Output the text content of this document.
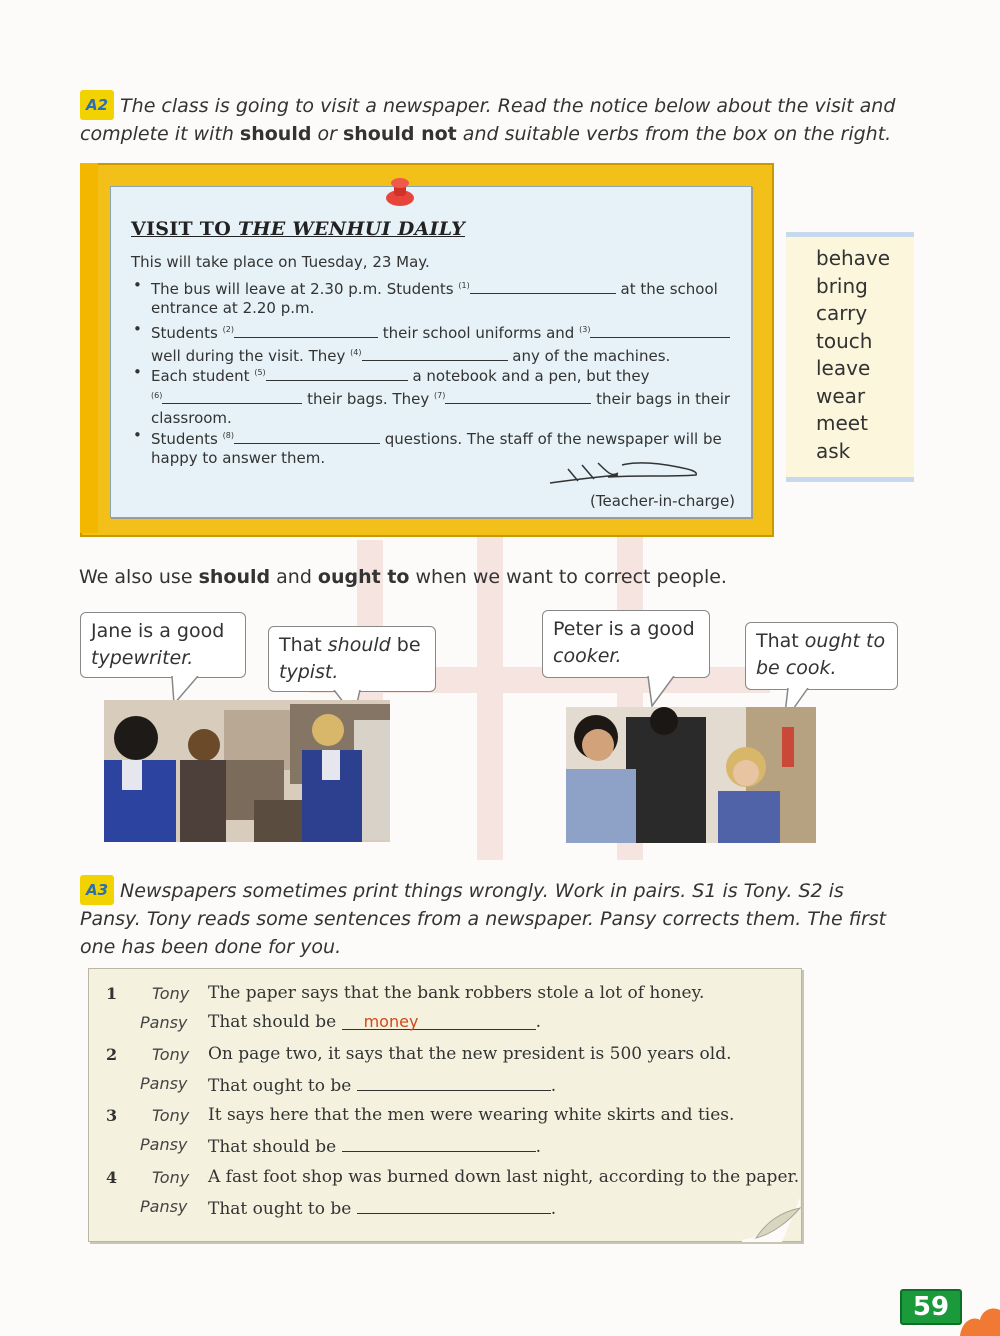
A2 The class is going to visit a newspaper. Read the notice below about the visit and
complete it with should or should not and suitable verbs from the box on the right.
VISIT TO THE WENHUI DAILY
This will take place on Tuesday, 23 May.
• The bus will leave at 2.30 p.m. Students $^{(1)}$	at the school
entrance at 2.20 p.m.
• Students $^{(2)}$	their school uniforms and $^{(3)}$
well during the visit. They $^{(4)}$	any of the machines.
• Each student $^{(5)}$	a notebook and a pen, but they
$^{(6)}$	their bags. They $^{(7)}$	their bags in their
classroom.
• Students $^{(8)}$	questions. The staff of the newspaper will be
happy to answer them.
(Teacher-in-charge)
behave
bring
carry
touch
leave
wear
meet
ask
We also use should and ought to when we want to correct people.
Jane is a good
typewriter.
That should be
typist.
Peter is a good
cooker.
That ought to
be cook.
A3 Newspapers sometimes print things wrongly. Work in pairs. S1 is Tony. S2 is
Pansy. Tony reads some sentences from a newspaper. Pansy corrects them. The first
one has been done for you.
1 Tony The paper says that the bank robbers stole a lot of honey.
Pansy That should be money	.
2 Tony On page two, it says that the new president is 500 years old.
Pansy That ought to be	.
3 Tony It says here that the men were wearing white skirts and ties.
Pansy That should be	.
4 Tony A fast foot shop was burned down last night, according to the paper.
Pansy That ought to be	.
59
